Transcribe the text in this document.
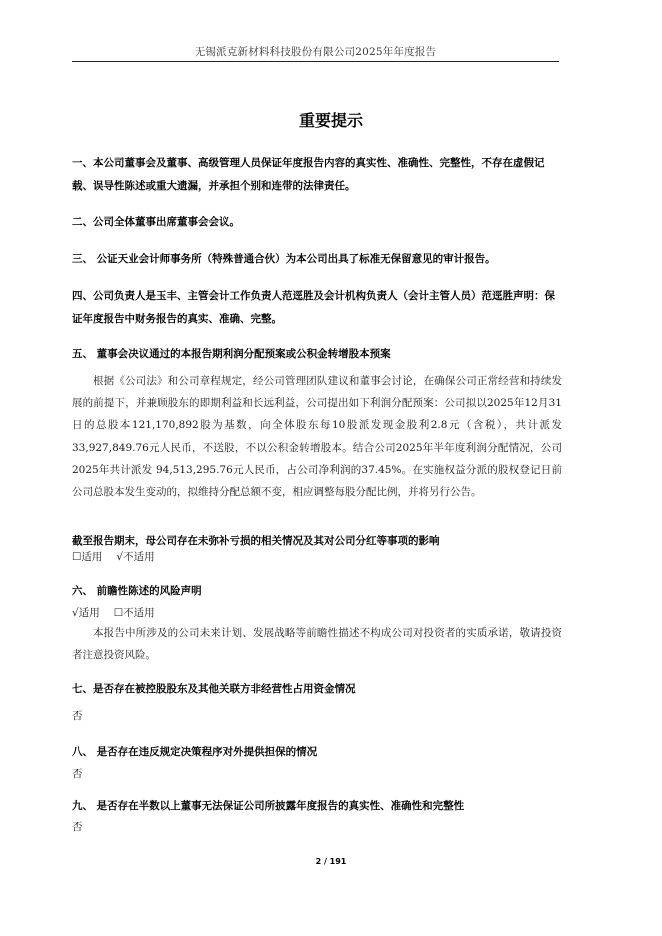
无锡派克新材料科技股份有限公司2025年年度报告
重要提示
一、本公司董事会及董事、高级管理人员保证年度报告内容的真实性、准确性、完整性，不存在虚假记载、误导性陈述或重大遗漏，并承担个别和连带的法律责任。
二、公司全体董事出席董事会会议。
三、 公证天业会计师事务所（特殊普通合伙）为本公司出具了标准无保留意见的审计报告。
四、公司负责人是玉丰、主管会计工作负责人范逕胜及会计机构负责人（会计主管人员）范逕胜声明：保证年度报告中财务报告的真实、准确、完整。
五、 董事会决议通过的本报告期利润分配预案或公积金转增股本预案
根据《公司法》和公司章程规定，经公司管理团队建议和董事会讨论，在确保公司正常经营和持续发展的前提下，并兼顾股东的即期利益和长远利益，公司提出如下利润分配预案：公司拟以2025年12月31日的总股本121,170,892股为基数，向全体股东每10股派发现金股利2.8元（含税），共计派发 33,927,849.76元人民币，不送股，不以公积金转增股本。结合公司2025年半年度利润分配情况，公司2025年共计派发 94,513,295.76元人民币，占公司净利润的37.45%。在实施权益分派的股权登记日前公司总股本发生变动的，拟维持分配总额不变，相应调整每股分配比例，并将另行公告。
截至报告期末，母公司存在未弥补亏损的相关情况及其对公司分红等事项的影响
☐适用 √不适用
六、 前瞻性陈述的风险声明
√适用 ☐不适用
本报告中所涉及的公司未来计划、发展战略等前瞻性描述不构成公司对投资者的实质承诺，敬请投资者注意投资风险。
七、是否存在被控股股东及其他关联方非经营性占用资金情况
否
八、 是否存在违反规定决策程序对外提供担保的情况
否
九、 是否存在半数以上董事无法保证公司所披露年度报告的真实性、准确性和完整性
否
2 / 191
